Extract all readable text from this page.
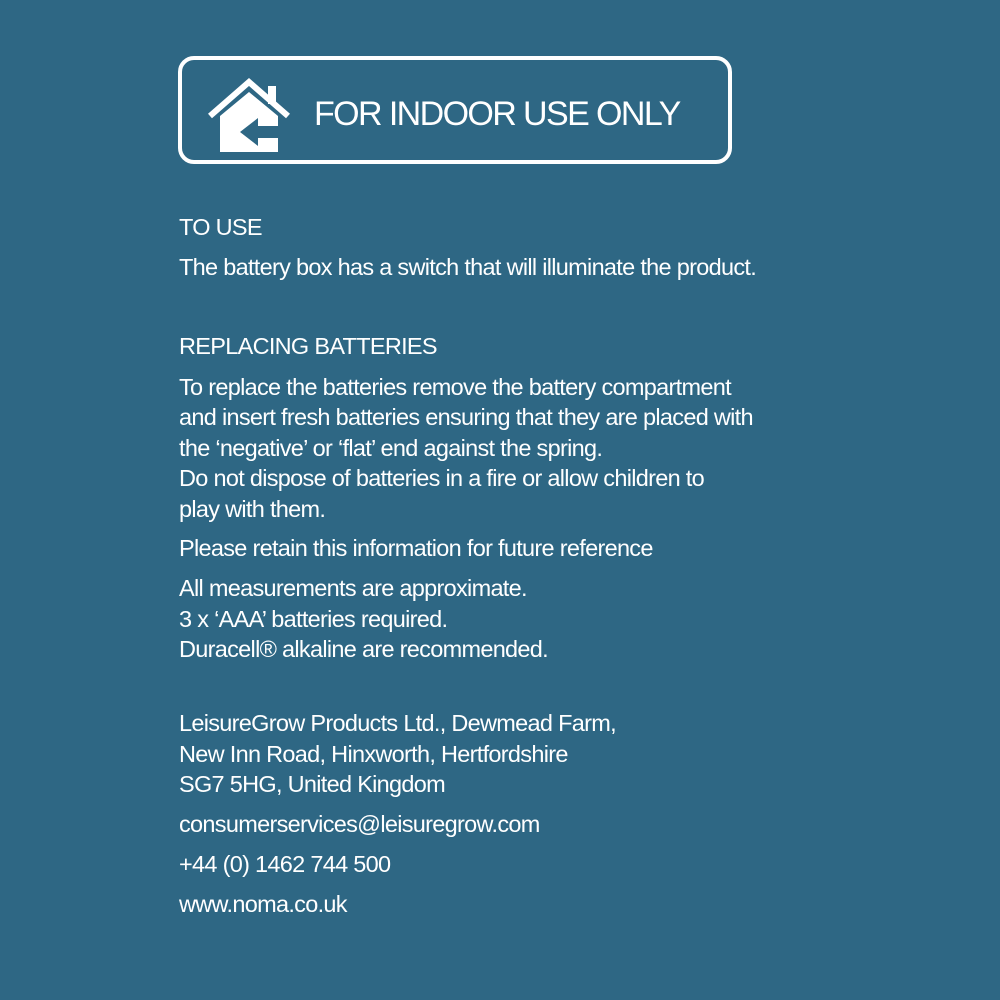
FOR INDOOR USE ONLY
TO USE
The battery box has a switch that will illuminate the product.
REPLACING BATTERIES
To replace the batteries remove the battery compartment
and insert fresh batteries ensuring that they are placed with
the ‘negative’ or ‘flat’ end against the spring.
Do not dispose of batteries in a fire or allow children to
play with them.
Please retain this information for future reference
All measurements are approximate.
3 x ‘AAA’ batteries required.
Duracell® alkaline are recommended.
LeisureGrow Products Ltd., Dewmead Farm,
New Inn Road, Hinxworth, Hertfordshire
SG7 5HG, United Kingdom
consumerservices@leisuregrow.com
+44 (0) 1462 744 500
www.noma.co.uk
